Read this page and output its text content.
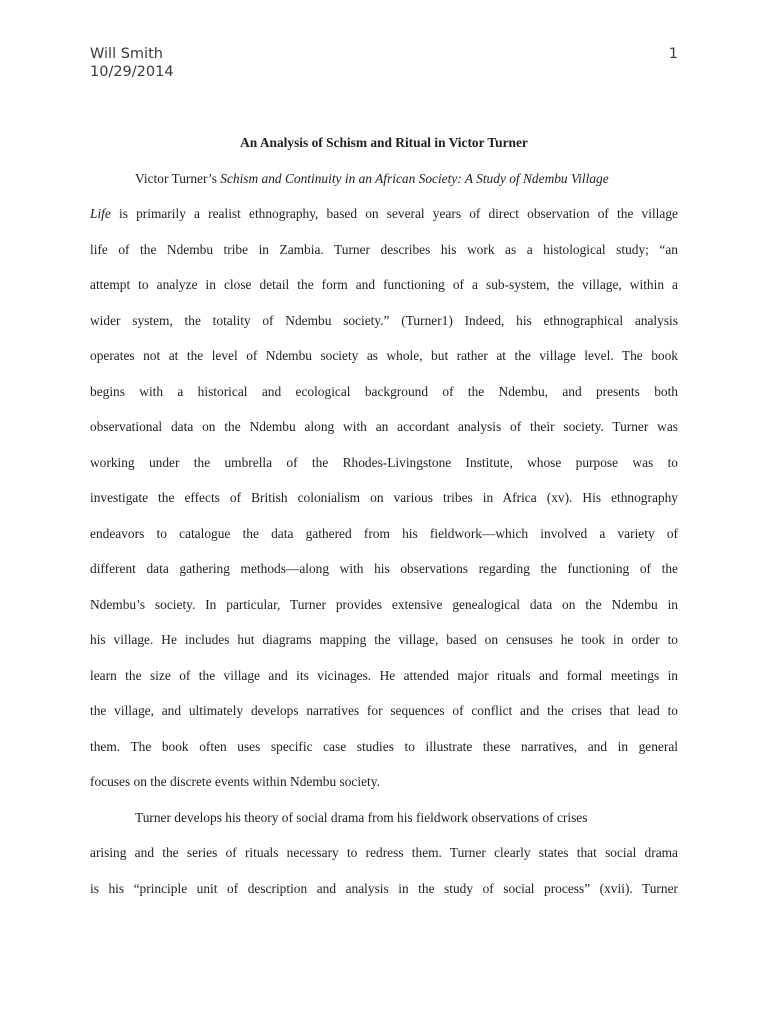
Will Smith
10/29/2014
1
An Analysis of Schism and Ritual in Victor Turner
Victor Turner’s Schism and Continuity in an African Society: A Study of Ndembu Village
Life is primarily a realist ethnography, based on several years of direct observation of the village
life of the Ndembu tribe in Zambia. Turner describes his work as a histological study; “an
attempt to analyze in close detail the form and functioning of a sub-system, the village, within a
wider system, the totality of Ndembu society.” (Turner1) Indeed, his ethnographical analysis
operates not at the level of Ndembu society as whole, but rather at the village level. The book
begins with a historical and ecological background of the Ndembu, and presents both
observational data on the Ndembu along with an accordant analysis of their society. Turner was
working under the umbrella of the Rhodes-Livingstone Institute, whose purpose was to
investigate the effects of British colonialism on various tribes in Africa (xv). His ethnography
endeavors to catalogue the data gathered from his fieldwork—which involved a variety of
different data gathering methods—along with his observations regarding the functioning of the
Ndembu’s society. In particular, Turner provides extensive genealogical data on the Ndembu in
his village. He includes hut diagrams mapping the village, based on censuses he took in order to
learn the size of the village and its vicinages. He attended major rituals and formal meetings in
the village, and ultimately develops narratives for sequences of conflict and the crises that lead to
them. The book often uses specific case studies to illustrate these narratives, and in general
focuses on the discrete events within Ndembu society.
Turner develops his theory of social drama from his fieldwork observations of crises
arising and the series of rituals necessary to redress them. Turner clearly states that social drama
is his “principle unit of description and analysis in the study of social process” (xvii). Turner
